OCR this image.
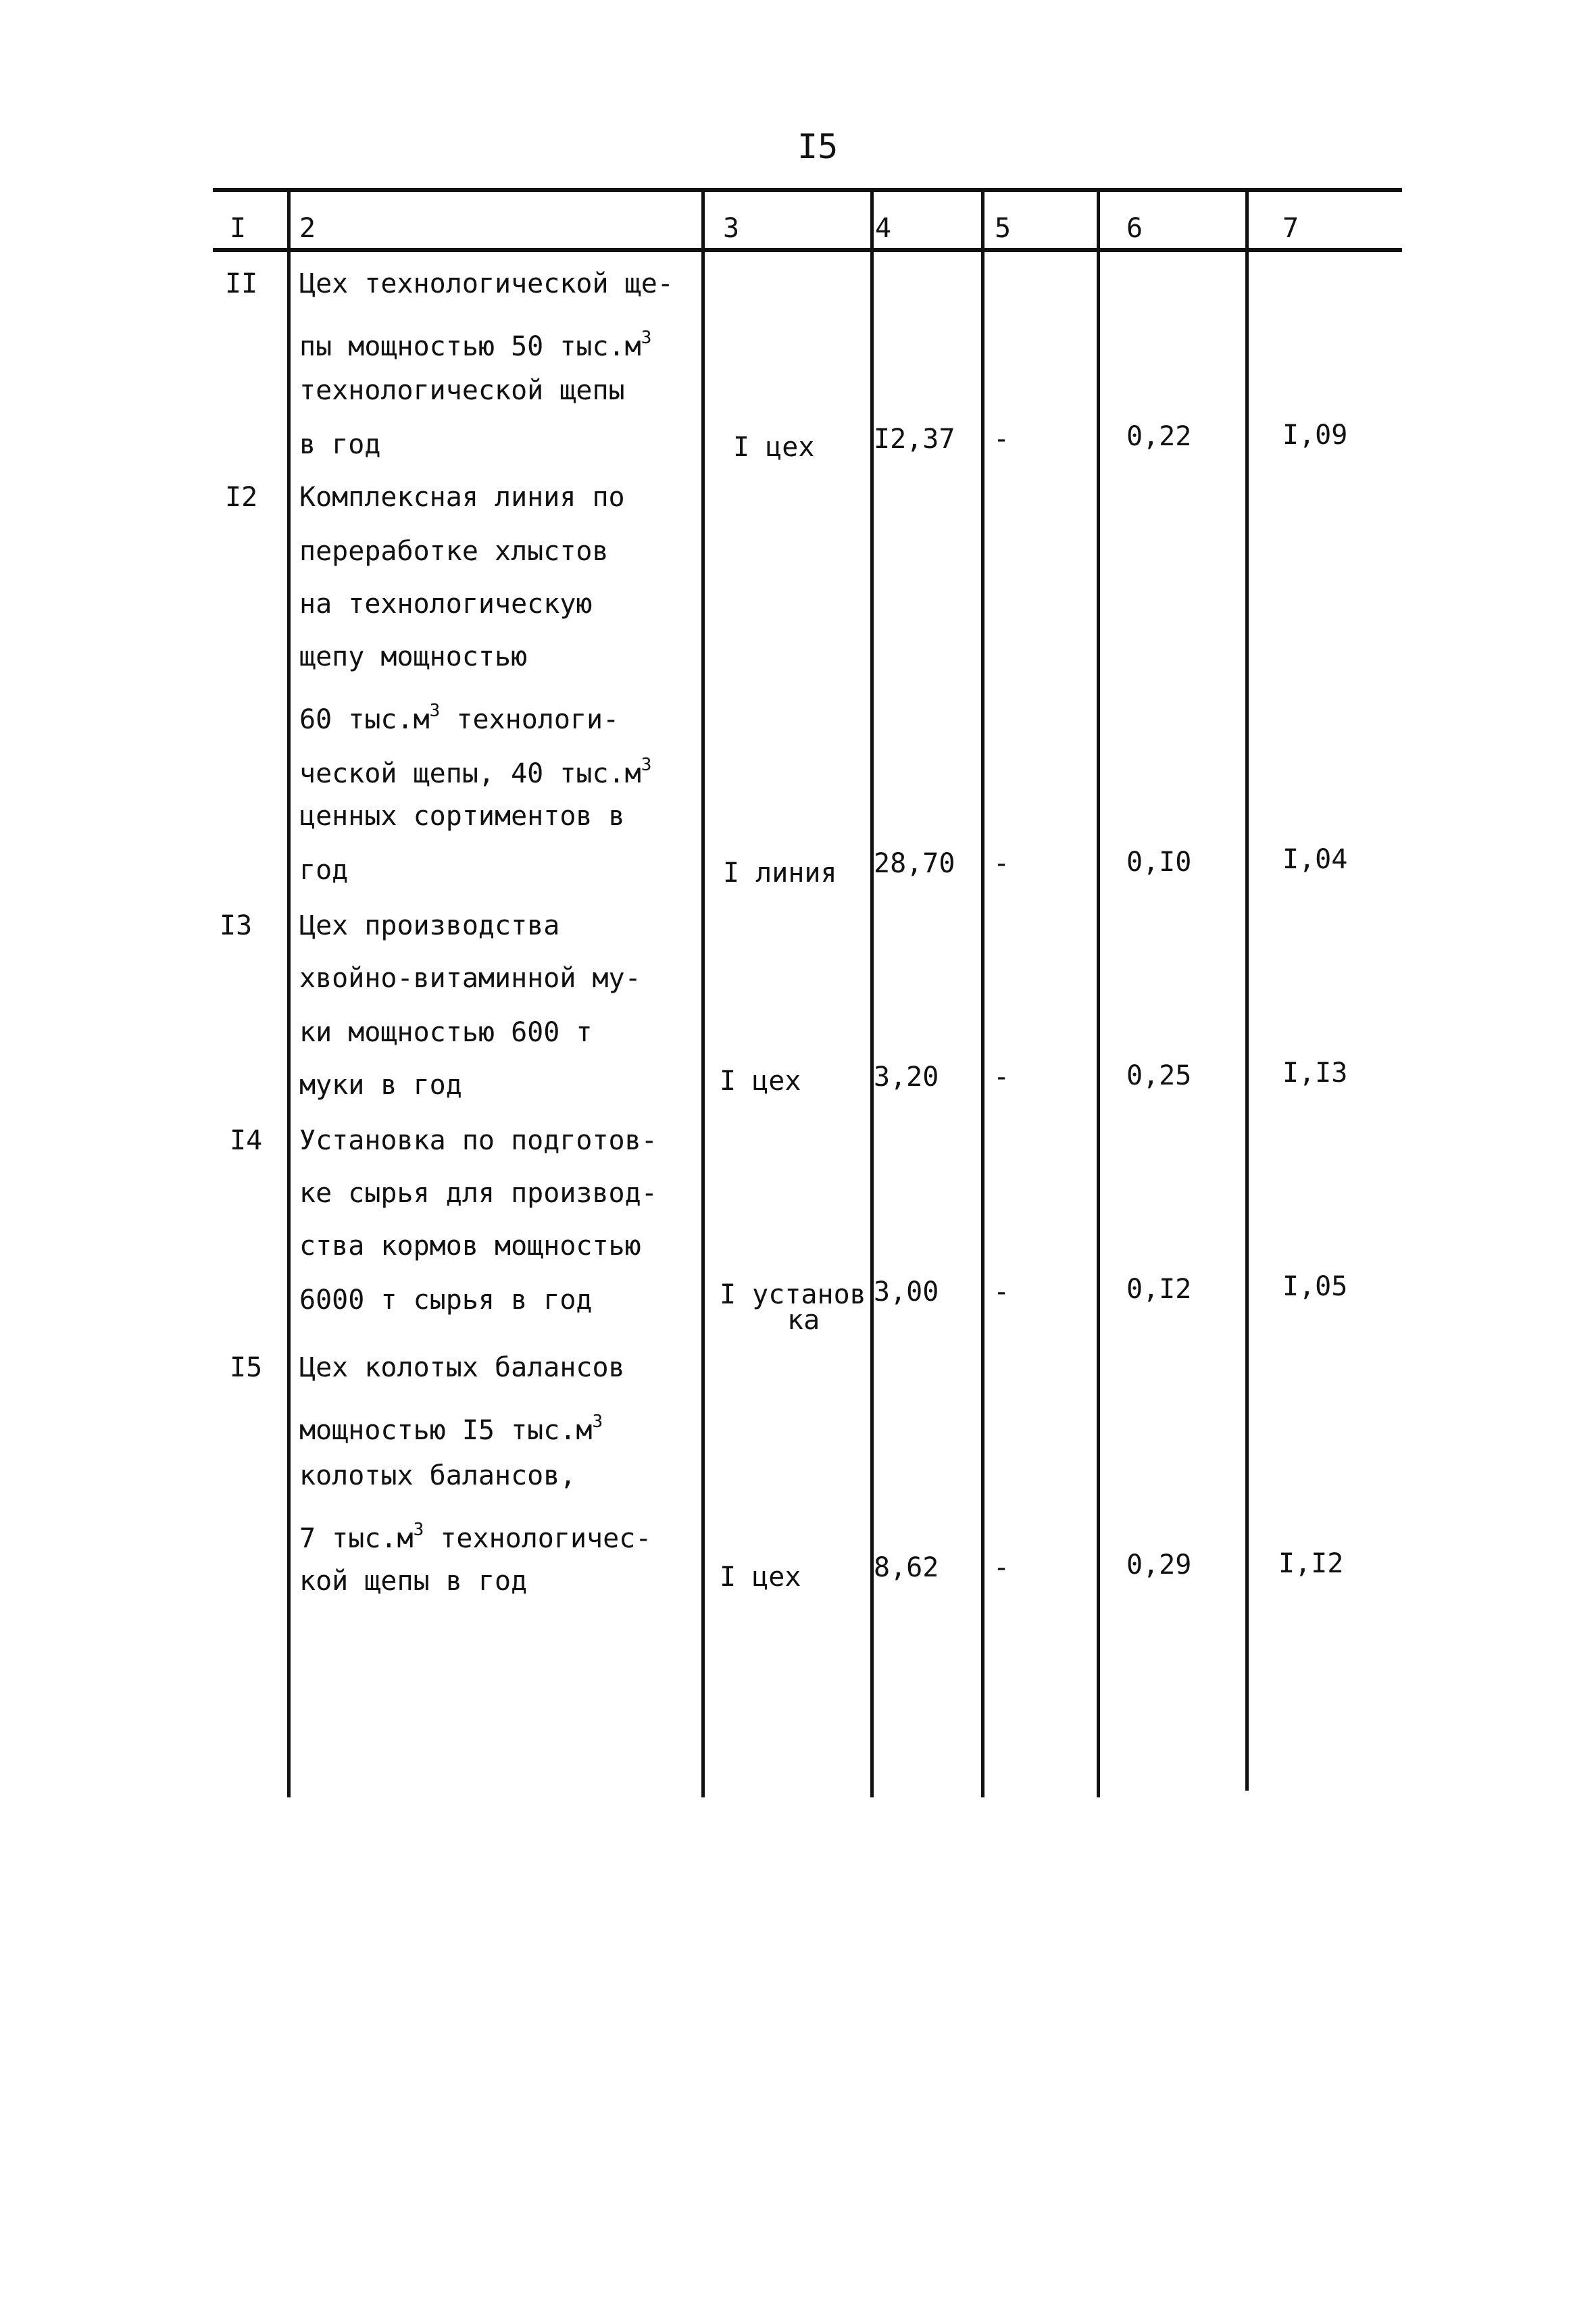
I5
I 2	3	4	5	6	7
II Цех технологической ще-
пы мощностью 50 $тыс.м^3$
технологической щепы
в год	I цех I2,37 -	0,22	I,09
I2 Комплексная линия по
переработке хлыстов
на технологическую
щепу мощностью
60 $тыс.м^3$ технологи-
ческой щепы, 40 $тыс.м^3$
ценных сортиментов в
год	I линия 28,70 -	0,I0	I,04
I3 Цех производства
хвойно-витаминной му-
ки мощностью 600 т
муки в год	I цех	3,20 -	0,25	I,I3
I4 Установка по подготов-
ке сырья для производ-
ства кормов мощностью
6000 т сырья в год	I установ
ка
3,00 -	0,I2	I,05
I5 Цех колотых балансов
мощностью I5 $тыс.м^3$
колотых балансов,
7 $тыс.м^3$ технологичес-
кой щепы в год	I цех	8,62 -	0,29	I,I2
